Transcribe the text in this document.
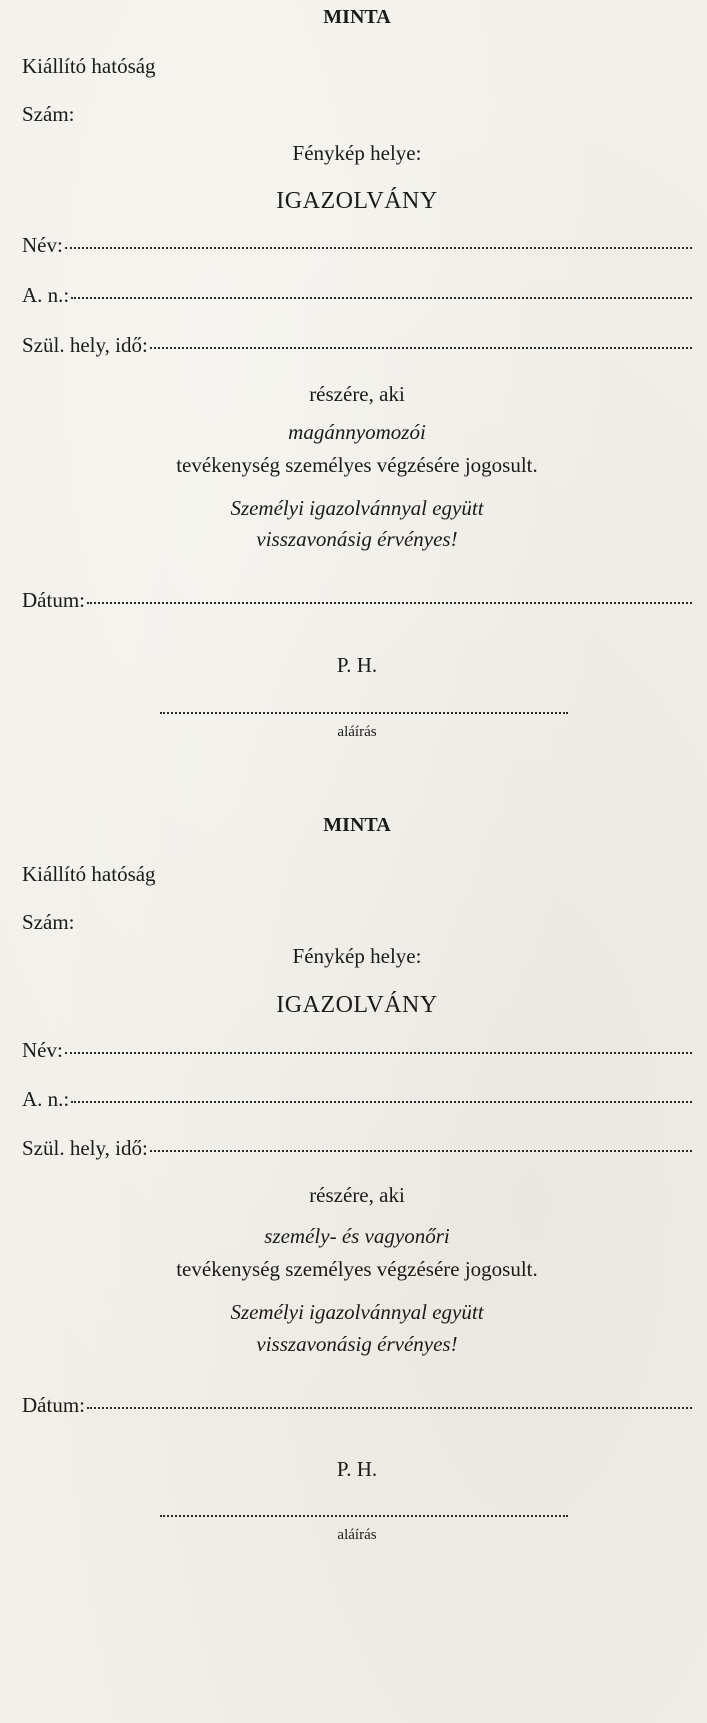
MINTA
Kiállító hatóság
Szám:
Fénykép helye:
IGAZOLVÁNY
Név:
A. n.:
Szül. hely, idő:
részére, aki
magánnyomozói
tevékenység személyes végzésére jogosult.
Személyi igazolvánnyal együtt
visszavonásig érvényes!
Dátum:
P. H.
aláírás
MINTA
Kiállító hatóság
Szám:
Fénykép helye:
IGAZOLVÁNY
Név:
A. n.:
Szül. hely, idő:
részére, aki
személy- és vagyonőri
tevékenység személyes végzésére jogosult.
Személyi igazolvánnyal együtt
visszavonásig érvényes!
Dátum:
P. H.
aláírás
